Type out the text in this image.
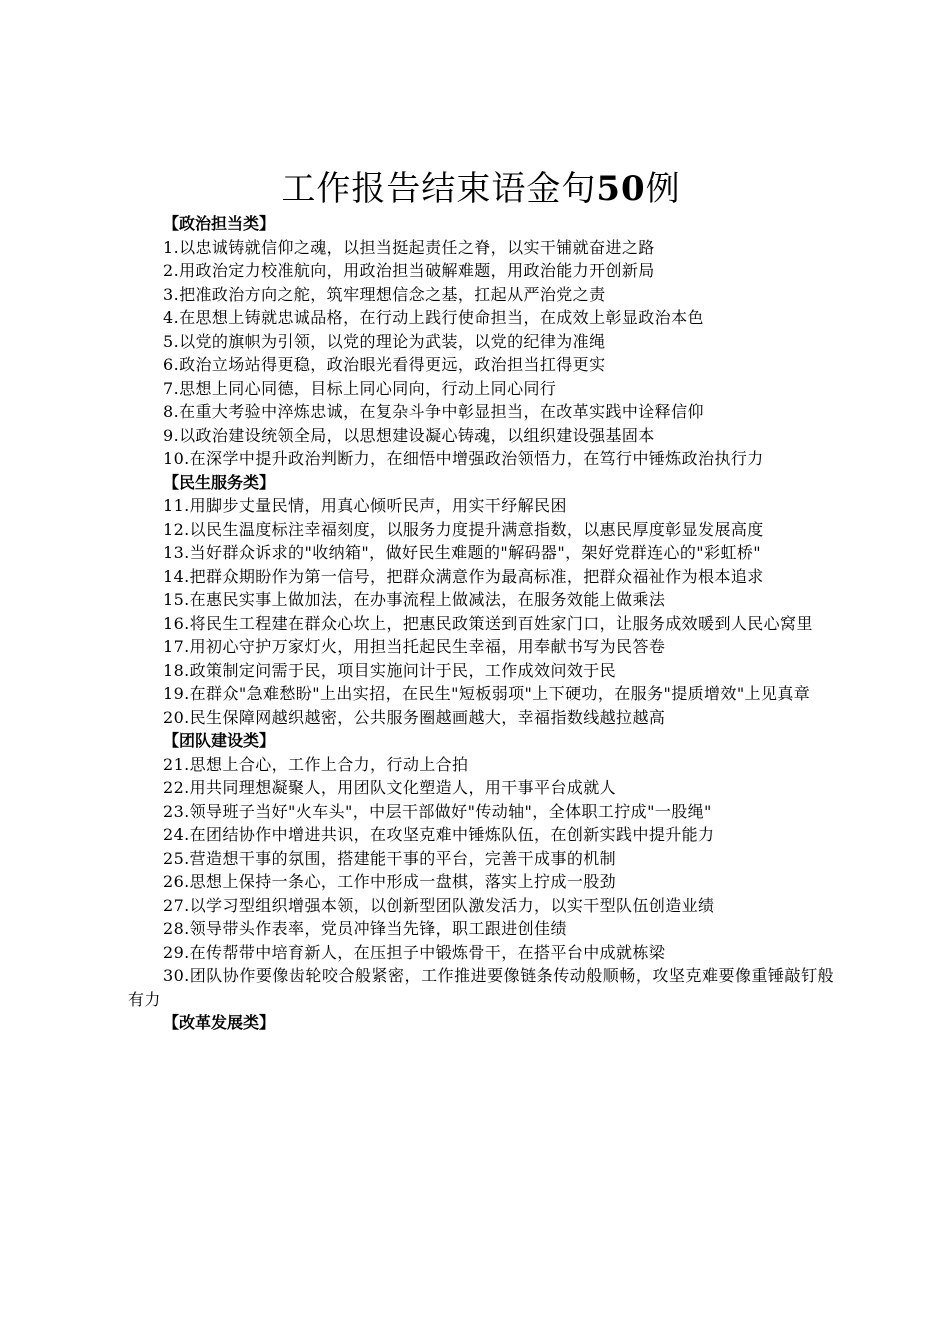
工作报告结束语金句50例

【政治担当类】

1.以忠诚铸就信仰之魂，以担当挺起责任之脊，以实干铺就奋进之路

2.用政治定力校准航向，用政治担当破解难题，用政治能力开创新局

3.把准政治方向之舵，筑牢理想信念之基，扛起从严治党之责

4.在思想上铸就忠诚品格，在行动上践行使命担当，在成效上彰显政治本色

5.以党的旗帜为引领，以党的理论为武装，以党的纪律为准绳

6.政治立场站得更稳，政治眼光看得更远，政治担当扛得更实

7.思想上同心同德，目标上同心同向，行动上同心同行

8.在重大考验中淬炼忠诚，在复杂斗争中彰显担当，在改革实践中诠释信仰

9.以政治建设统领全局，以思想建设凝心铸魂，以组织建设强基固本

10.在深学中提升政治判断力，在细悟中增强政治领悟力，在笃行中锤炼政治执行力

【民生服务类】

11.用脚步丈量民情，用真心倾听民声，用实干纾解民困

12.以民生温度标注幸福刻度，以服务力度提升满意指数，以惠民厚度彰显发展高度

13.当好群众诉求的"收纳箱"，做好民生难题的"解码器"，架好党群连心的"彩虹桥"

14.把群众期盼作为第一信号，把群众满意作为最高标准，把群众福祉作为根本追求

15.在惠民实事上做加法，在办事流程上做减法，在服务效能上做乘法

16.将民生工程建在群众心坎上，把惠民政策送到百姓家门口，让服务成效暖到人民心窝里

17.用初心守护万家灯火，用担当托起民生幸福，用奉献书写为民答卷

18.政策制定问需于民，项目实施问计于民，工作成效问效于民

19.在群众"急难愁盼"上出实招，在民生"短板弱项"上下硬功，在服务"提质增效"上见真章

20.民生保障网越织越密，公共服务圈越画越大，幸福指数线越拉越高

【团队建设类】

21.思想上合心，工作上合力，行动上合拍

22.用共同理想凝聚人，用团队文化塑造人，用干事平台成就人

23.领导班子当好"火车头"，中层干部做好"传动轴"，全体职工拧成"一股绳"

24.在团结协作中增进共识，在攻坚克难中锤炼队伍，在创新实践中提升能力

25.营造想干事的氛围，搭建能干事的平台，完善干成事的机制

26.思想上保持一条心，工作中形成一盘棋，落实上拧成一股劲

27.以学习型组织增强本领，以创新型团队激发活力，以实干型队伍创造业绩

28.领导带头作表率，党员冲锋当先锋，职工跟进创佳绩

29.在传帮带中培育新人，在压担子中锻炼骨干，在搭平台中成就栋梁

30.团队协作要像齿轮咬合般紧密，工作推进要像链条传动般顺畅，攻坚克难要像重锤敲钉般有力

【改革发展类】
